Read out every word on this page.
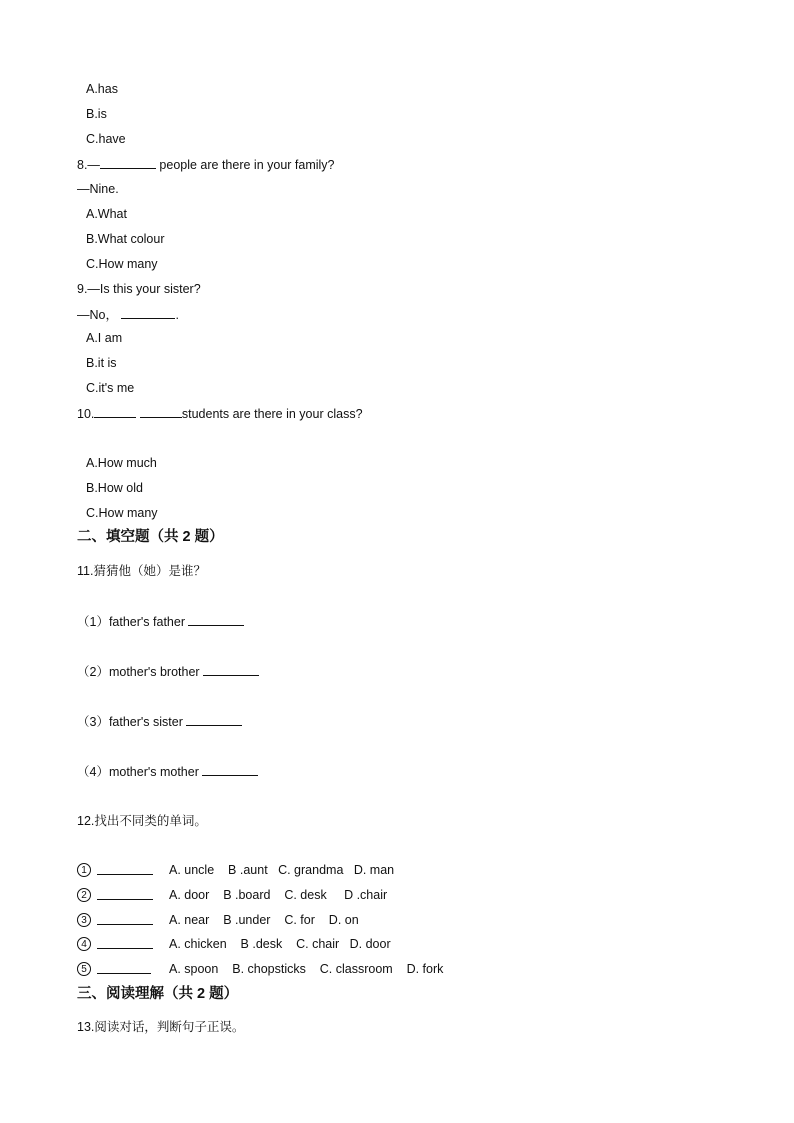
A.has
B.is
C.have
8.—	people are there in your family?
—Nine.
A.What
B.What colour
C.How many
9.—Is this your sister?
—No，	.
A.I am
B.it is
C.it's me
10.	students are there in your class?
A.How much
B.How old
C.How many
二、填空题（共 2 题）
11.猜猜他（她）是谁？
（1）father's father
（2）mother's brother
（3）father's sister
（4）mother's mother
12.找出不同类的单词。
1	A. uncle    B .aunt   C. grandma   D. man
2	A. door    B .board    C. desk     D .chair
3	A. near    B .under    C. for    D. on
4	A. chicken    B .desk    C. chair   D. door
5	A. spoon    B. chopsticks    C. classroom    D. fork
三、阅读理解（共 2 题）
13.阅读对话，判断句子正误。
